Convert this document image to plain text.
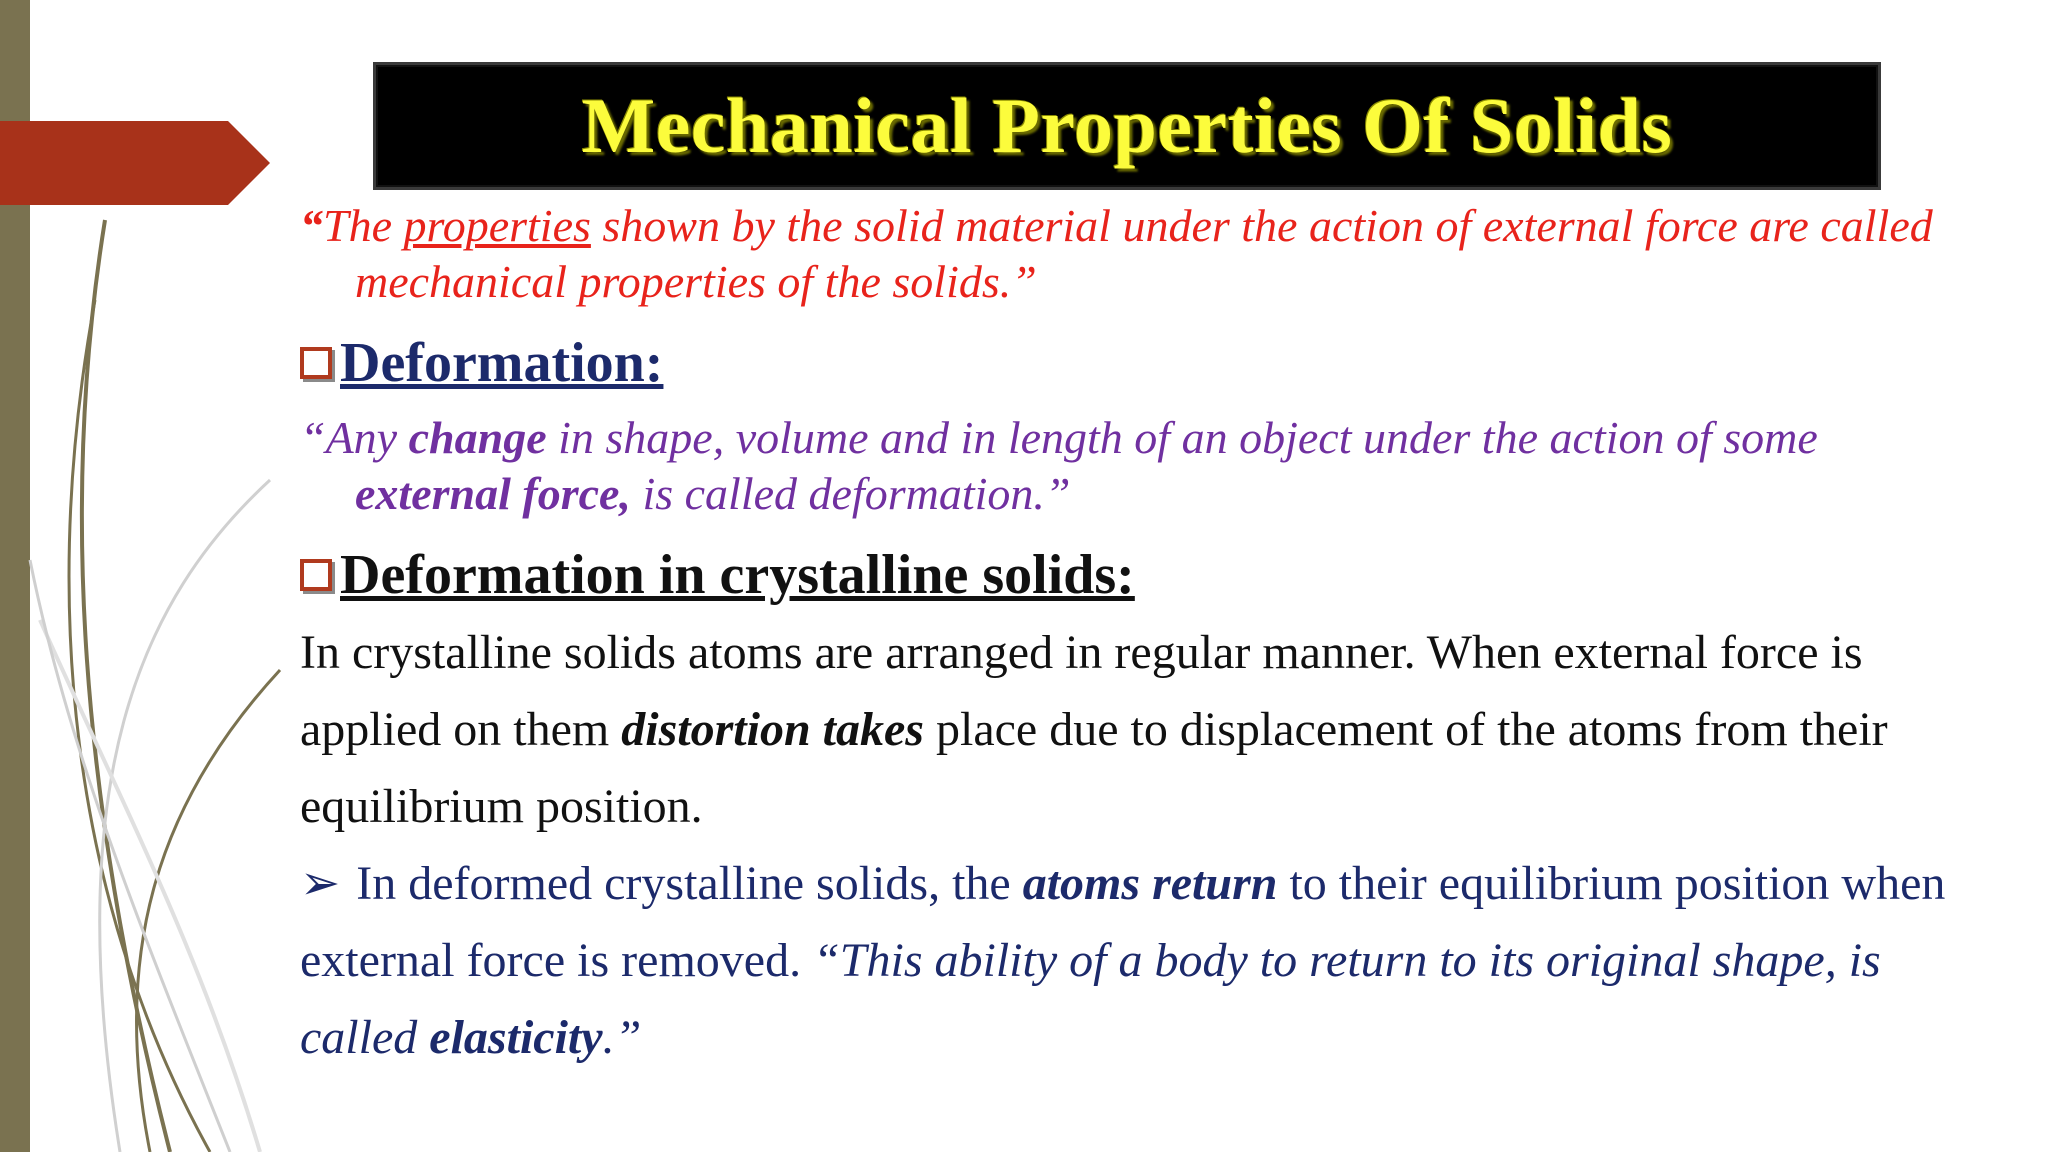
Mechanical Properties Of Solids

“The properties shown by the solid material under the action of external force are called mechanical properties of the solids.”

Deformation:

“Any change in shape, volume and in length of an object under the action of some external force, is called deformation.”

Deformation in crystalline solids:

In crystalline solids atoms are arranged in regular manner. When external force is applied on them distortion takes place due to displacement of the atoms from their equilibrium position.

➢ In deformed crystalline solids, the atoms return to their equilibrium position when external force is removed. “This ability of a body to return to its original shape, is called elasticity.”
